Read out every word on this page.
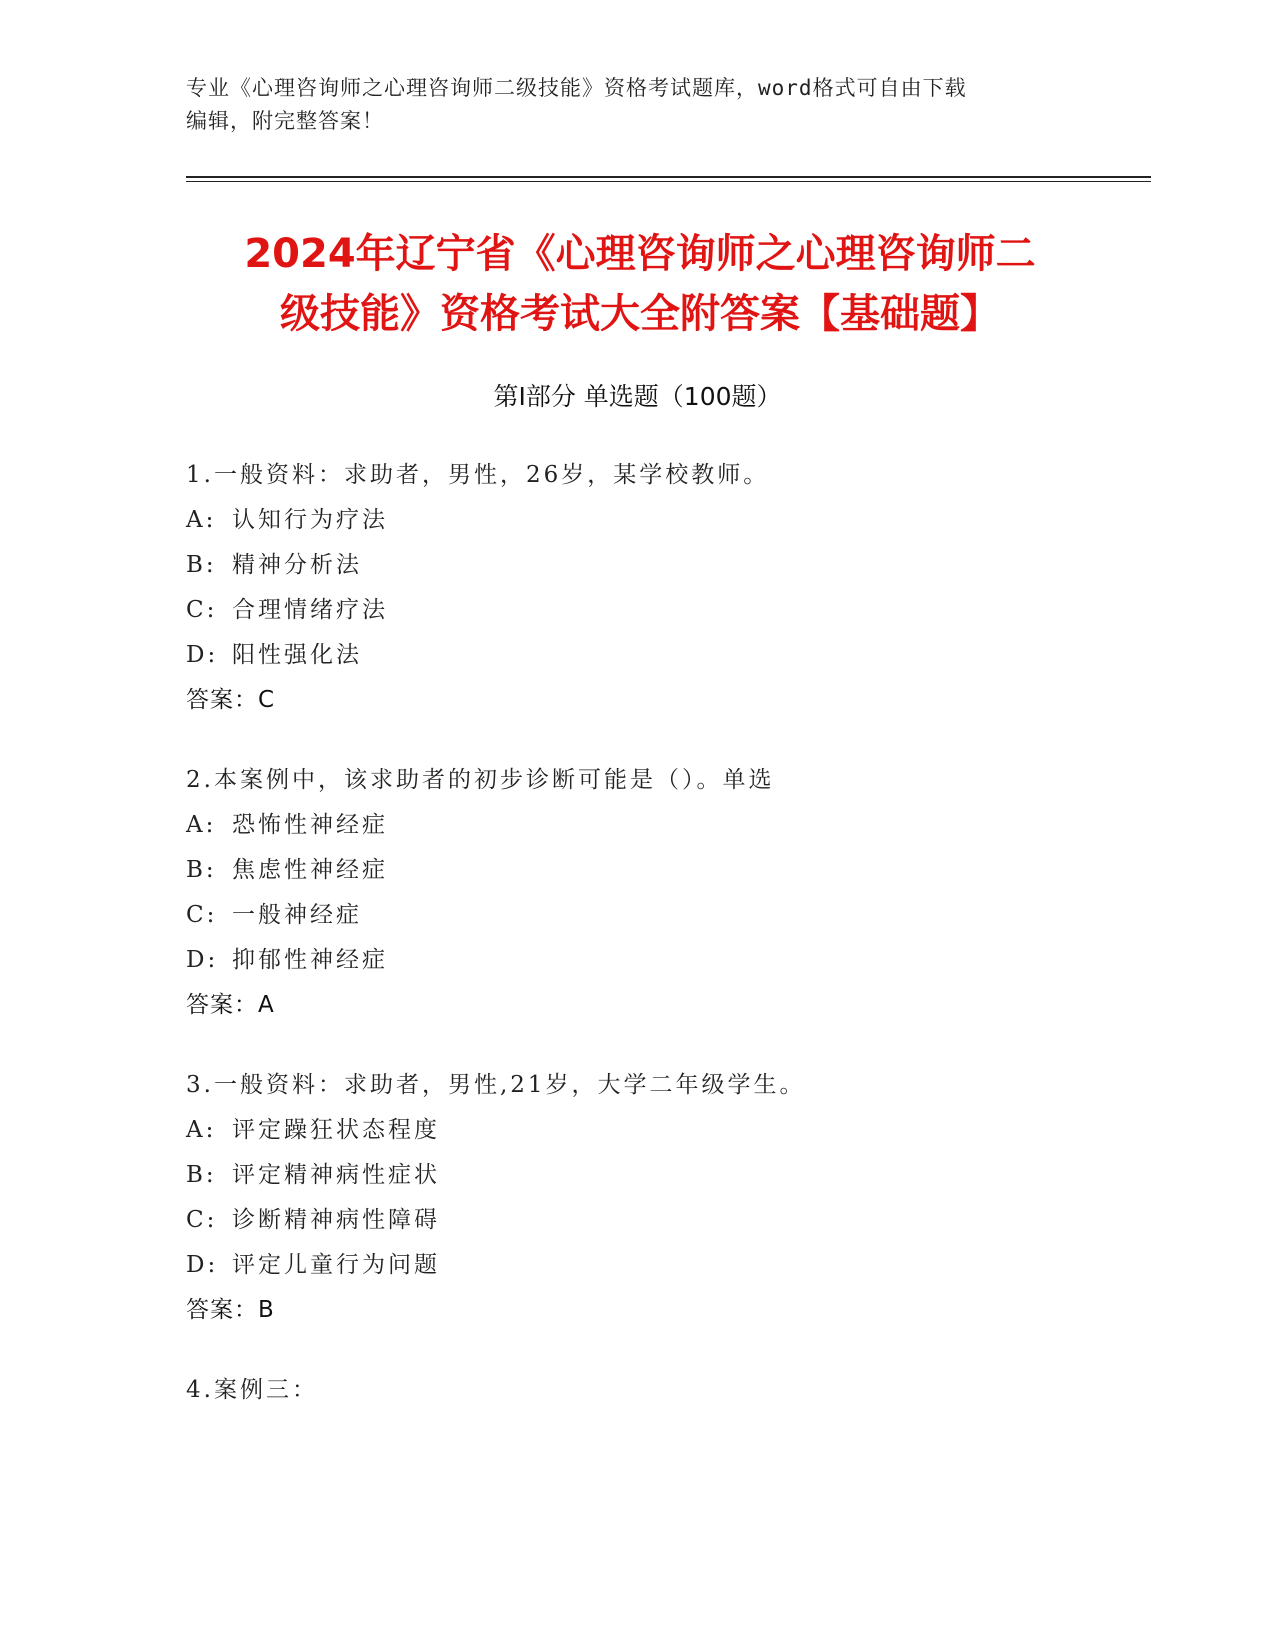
专业《心理咨询师之心理咨询师二级技能》资格考试题库，word格式可自由下载
编辑，附完整答案！
2024年辽宁省《心理咨询师之心理咨询师二
级技能》资格考试大全附答案【基础题】
第Ⅰ部分 单选题（100题）
1.一般资料：求助者，男性，26岁，某学校教师。
A: 认知行为疗法
B: 精神分析法
C: 合理情绪疗法
D: 阳性强化法
答案：C
2.本案例中，该求助者的初步诊断可能是（）。单选
A: 恐怖性神经症
B: 焦虑性神经症
C: 一般神经症
D: 抑郁性神经症
答案：A
3.一般资料：求助者，男性,21岁，大学二年级学生。
A: 评定躁狂状态程度
B: 评定精神病性症状
C: 诊断精神病性障碍
D: 评定儿童行为问题
答案：B
4.案例三：
